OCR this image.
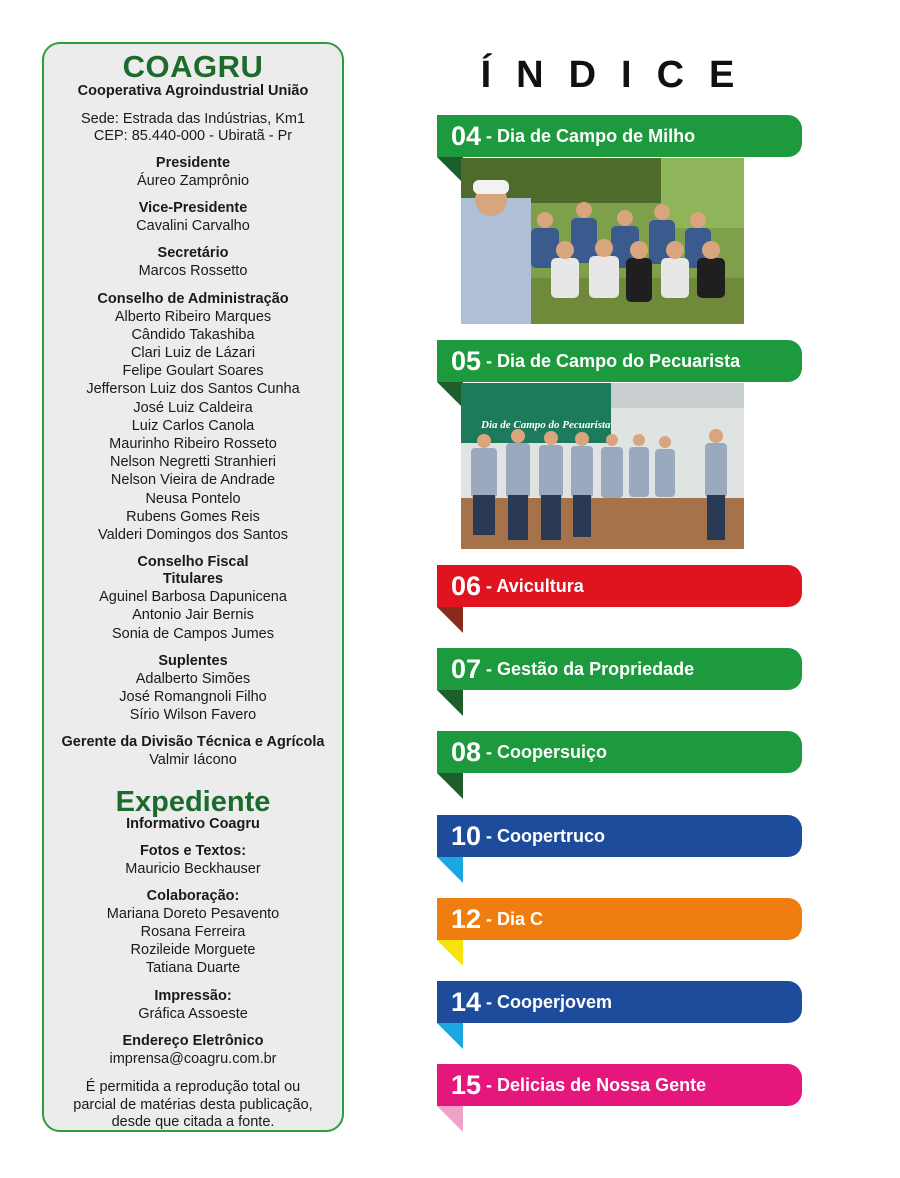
COAGRU
Cooperativa Agroindustrial União
Sede: Estrada das Indústrias, Km1
CEP: 85.440-000 - Ubiratã - Pr
Presidente
Áureo Zamprônio
Vice-Presidente
Cavalini Carvalho
Secretário
Marcos Rossetto
Conselho de Administração
Alberto Ribeiro Marques
Cândido Takashiba
Clari Luiz de Lázari
Felipe Goulart Soares
Jefferson Luiz dos Santos Cunha
José Luiz Caldeira
Luiz Carlos Canola
Maurinho Ribeiro Rosseto
Nelson Negretti Stranhieri
Nelson Vieira de Andrade
Neusa Pontelo
Rubens Gomes Reis
Valderi Domingos dos Santos
Conselho Fiscal
Titulares
Aguinel Barbosa Dapunicena
Antonio Jair Bernis
Sonia de Campos Jumes
Suplentes
Adalberto Simões
José Romangnoli Filho
Sírio Wilson Favero
Gerente da Divisão Técnica e Agrícola
Valmir Iácono
Expediente
Informativo Coagru
Fotos e Textos:
Mauricio Beckhauser
Colaboração:
Mariana Doreto Pesavento
Rosana Ferreira
Rozileide Morguete
Tatiana Duarte
Impressão:
Gráfica Assoeste
Endereço Eletrônico
imprensa@coagru.com.br
É permitida a reprodução total ou
parcial de matérias desta publicação,
desde que citada a fonte.
ÍNDICE
04 - Dia de Campo de Milho
05 - Dia de Campo do Pecuarista
Dia de Campo do Pecuarista
06 - Avicultura
07 - Gestão da Propriedade
08 - Coopersuiço
10 - Coopertruco
12 - Dia C
14 - Cooperjovem
15 - Delicias de Nossa Gente
